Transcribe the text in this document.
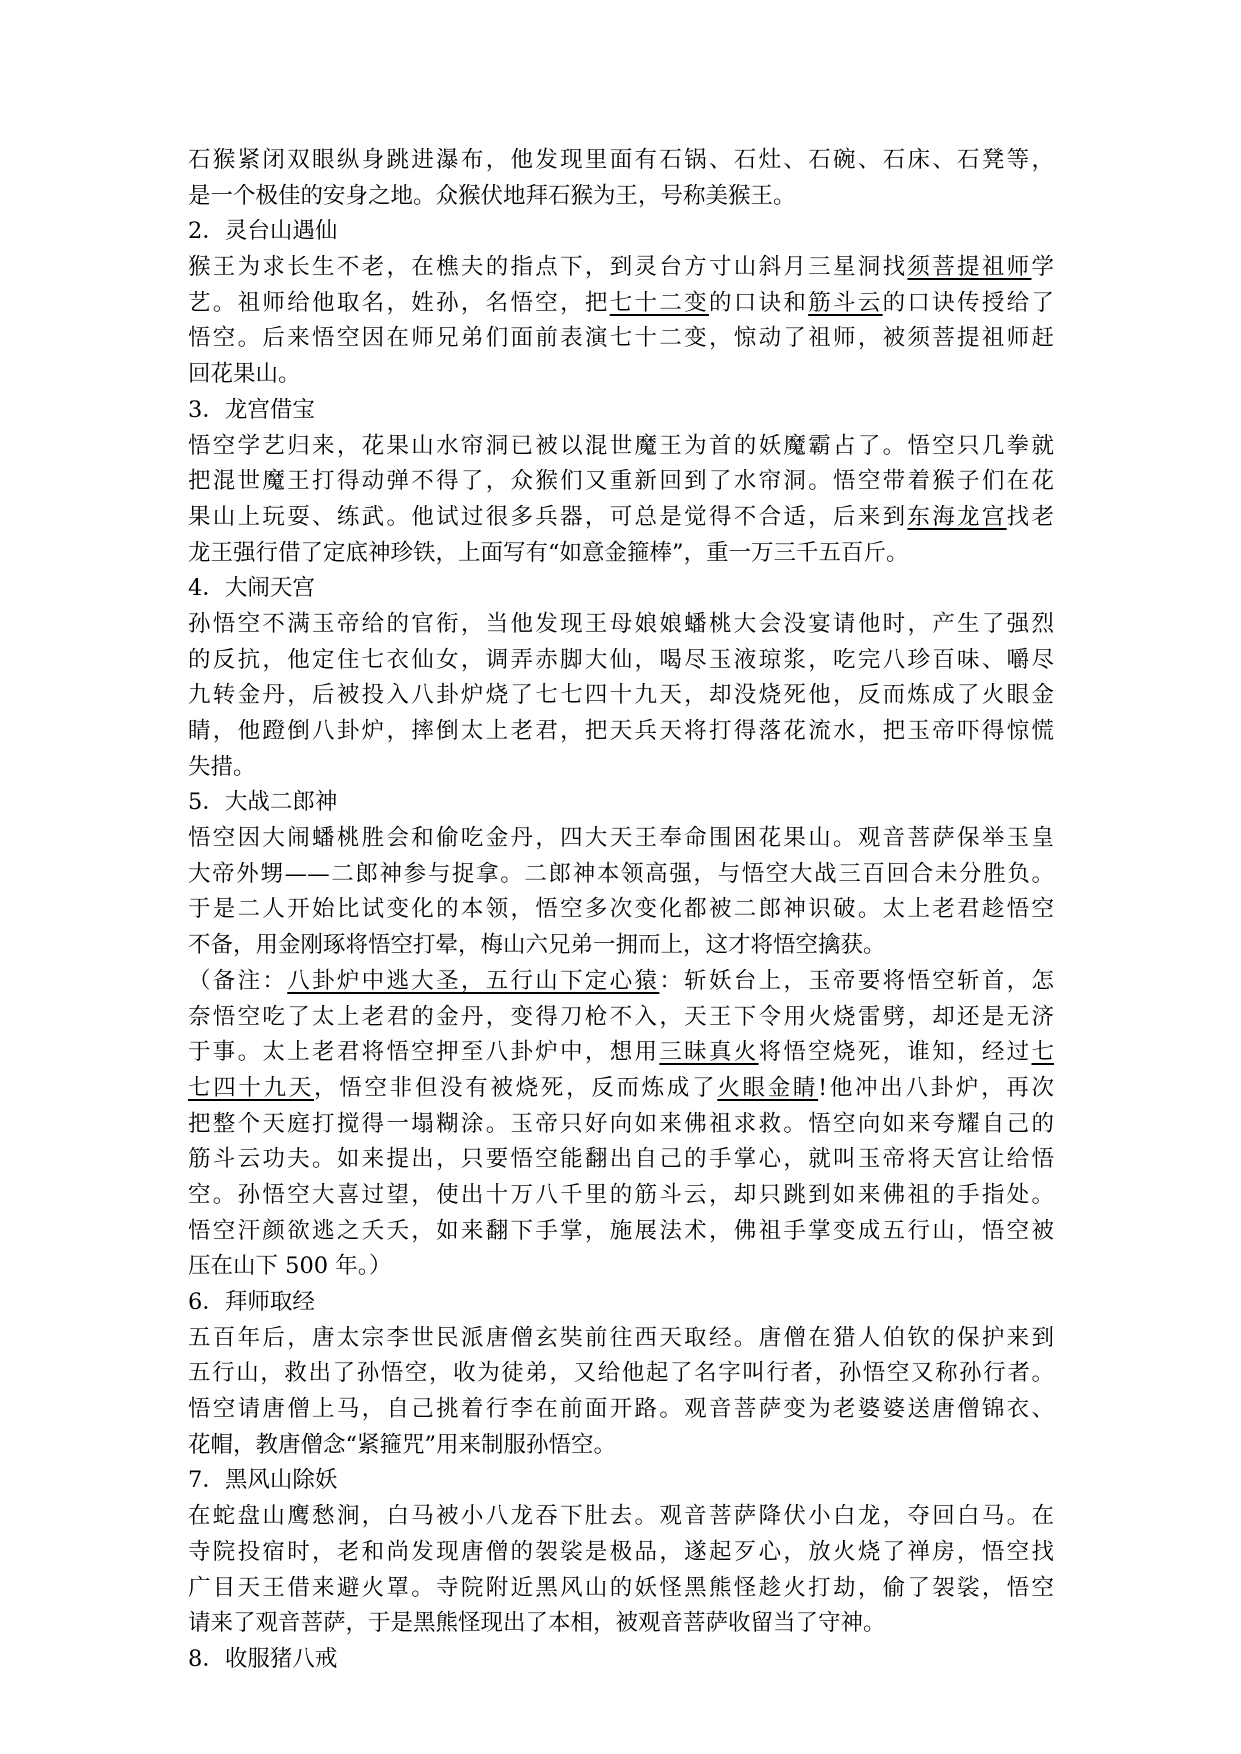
石猴紧闭双眼纵身跳进瀑布，他发现里面有石锅、石灶、石碗、石床、石凳等，
是一个极佳的安身之地。众猴伏地拜石猴为王，号称美猴王。
2．灵台山遇仙
猴王为求长生不老，在樵夫的指点下，到灵台方寸山斜月三星洞找须菩提祖师学
艺。祖师给他取名，姓孙，名悟空，把七十二变的口诀和筋斗云的口诀传授给了
悟空。后来悟空因在师兄弟们面前表演七十二变，惊动了祖师，被须菩提祖师赶
回花果山。
3．龙宫借宝
悟空学艺归来，花果山水帘洞已被以混世魔王为首的妖魔霸占了。悟空只几拳就
把混世魔王打得动弹不得了，众猴们又重新回到了水帘洞。悟空带着猴子们在花
果山上玩耍、练武。他试过很多兵器，可总是觉得不合适，后来到东海龙宫找老
龙王强行借了定底神珍铁，上面写有“如意金箍棒”，重一万三千五百斤。
4．大闹天宫
孙悟空不满玉帝给的官衔，当他发现王母娘娘蟠桃大会没宴请他时，产生了强烈
的反抗，他定住七衣仙女，调弄赤脚大仙，喝尽玉液琼浆，吃完八珍百味、嚼尽
九转金丹，后被投入八卦炉烧了七七四十九天，却没烧死他，反而炼成了火眼金
睛，他蹬倒八卦炉，摔倒太上老君，把天兵天将打得落花流水，把玉帝吓得惊慌
失措。
5．大战二郎神
悟空因大闹蟠桃胜会和偷吃金丹，四大天王奉命围困花果山。观音菩萨保举玉皇
大帝外甥——二郎神参与捉拿。二郎神本领高强，与悟空大战三百回合未分胜负。
于是二人开始比试变化的本领，悟空多次变化都被二郎神识破。太上老君趁悟空
不备，用金刚琢将悟空打晕，梅山六兄弟一拥而上，这才将悟空擒获。
（备注：八卦炉中逃大圣，五行山下定心猿：斩妖台上，玉帝要将悟空斩首，怎
奈悟空吃了太上老君的金丹，变得刀枪不入，天王下令用火烧雷劈，却还是无济
于事。太上老君将悟空押至八卦炉中，想用三昧真火将悟空烧死，谁知，经过七
七四十九天，悟空非但没有被烧死，反而炼成了火眼金睛!他冲出八卦炉，再次
把整个天庭打搅得一塌糊涂。玉帝只好向如来佛祖求救。悟空向如来夸耀自己的
筋斗云功夫。如来提出，只要悟空能翻出自己的手掌心，就叫玉帝将天宫让给悟
空。孙悟空大喜过望，使出十万八千里的筋斗云，却只跳到如来佛祖的手指处。
悟空汗颜欲逃之夭夭，如来翻下手掌，施展法术，佛祖手掌变成五行山，悟空被
压在山下 500 年。）
6．拜师取经
五百年后，唐太宗李世民派唐僧玄奘前往西天取经。唐僧在猎人伯钦的保护来到
五行山，救出了孙悟空，收为徒弟，又给他起了名字叫行者，孙悟空又称孙行者。
悟空请唐僧上马，自己挑着行李在前面开路。观音菩萨变为老婆婆送唐僧锦衣、
花帽，教唐僧念“紧箍咒”用来制服孙悟空。
7．黑风山除妖
在蛇盘山鹰愁涧，白马被小八龙吞下肚去。观音菩萨降伏小白龙，夺回白马。在
寺院投宿时，老和尚发现唐僧的袈裟是极品，遂起歹心，放火烧了禅房，悟空找
广目天王借来避火罩。寺院附近黑风山的妖怪黑熊怪趁火打劫，偷了袈裟，悟空
请来了观音菩萨，于是黑熊怪现出了本相，被观音菩萨收留当了守神。
8．收服猪八戒
